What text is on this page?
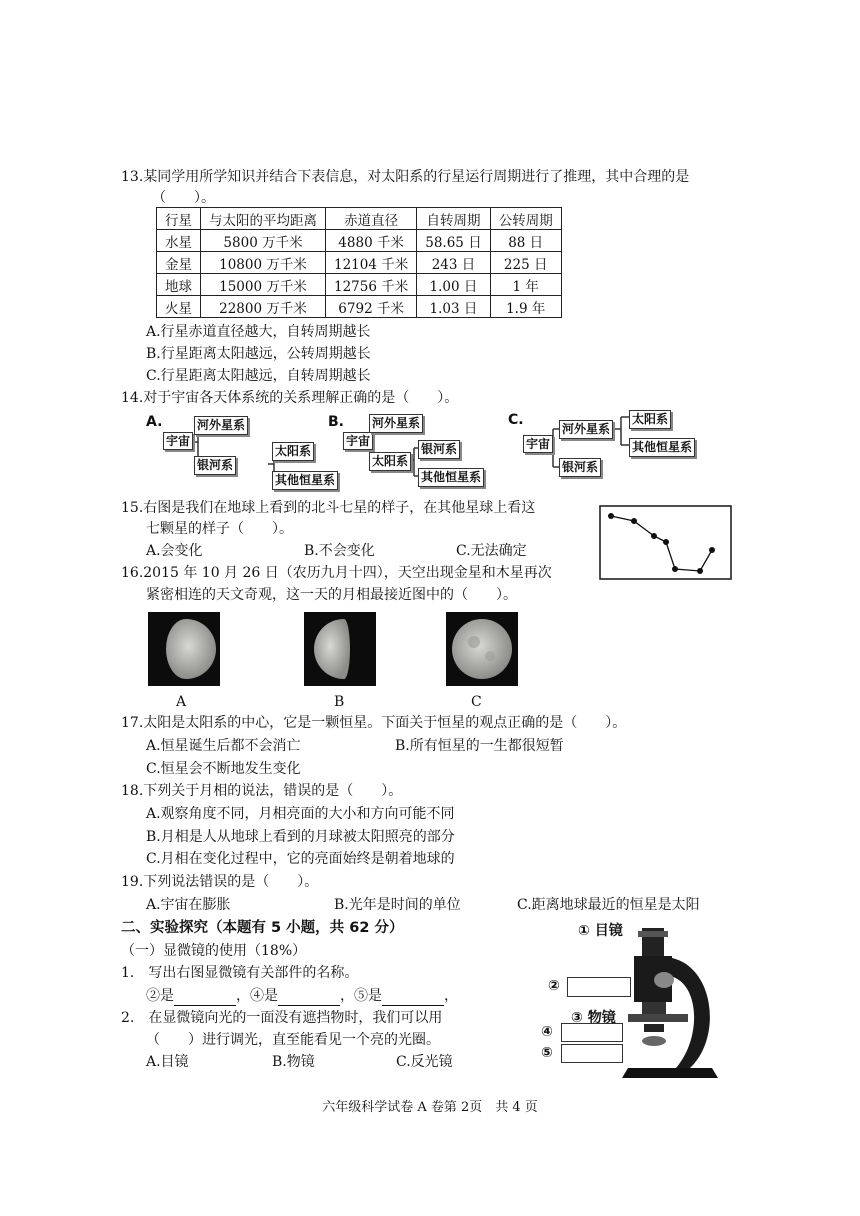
13.某同学用所学知识并结合下表信息，对太阳系的行星运行周期进行了推理，其中合理的是
（　　）。
行星	与太阳的平均距离	赤道直径	自转周期	公转周期
水星	5800 万千米	4880 千米	58.65 日	88 日
金星	10800 万千米	12104 千米	243 日	225 日
地球	15000 万千米	12756 千米	1.00 日	1 年
火星	22800 万千米	6792 千米	1.03 日	1.9 年
A.行星赤道直径越大，自转周期越长
B.行星距离太阳越远，公转周期越长
C.行星距离太阳越远，自转周期越长
14.对于宇宙各天体系统的关系理解正确的是（　　）。
A.
宇宙
河外星系
银河系
太阳系
其他恒星系
B.
宇宙
河外星系
太阳系
银河系
其他恒星系
C.
宇宙
河外星系
银河系
太阳系
其他恒星系
15.右图是我们在地球上看到的北斗七星的样子，在其他星球上看这
七颗星的样子（　　）。
A.会变化	B.不会变化	C.无法确定
16.2015 年 10 月 26 日（农历九月十四），天空出现金星和木星再次
紧密相连的天文奇观，这一天的月相最接近图中的（　　）。
A	B	C
17.太阳是太阳系的中心，它是一颗恒星。下面关于恒星的观点正确的是（　　）。
A.恒星诞生后都不会消亡	B.所有恒星的一生都很短暂
C.恒星会不断地发生变化
18.下列关于月相的说法，错误的是（　　）。
A.观察角度不同，月相亮面的大小和方向可能不同
B.月相是人从地球上看到的月球被太阳照亮的部分
C.月相在变化过程中，它的亮面始终是朝着地球的
19.下列说法错误的是（　　）。
A.宇宙在膨胀	B.光年是时间的单位	C.距离地球最近的恒星是太阳
二、实验探究（本题有 5 小题，共 62 分）
（一）显微镜的使用（18%）
1.　写出右图显微镜有关部件的名称。
②是	，④是	，⑤是	，
2.　在显微镜向光的一面没有遮挡物时，我们可以用
（　　）进行调光，直至能看见一个亮的光圈。
A.目镜	B.物镜	C.反光镜
① 目镜
②
③ 物镜
④
⑤
六年级科学试卷 A 卷第 2页　共 4 页
